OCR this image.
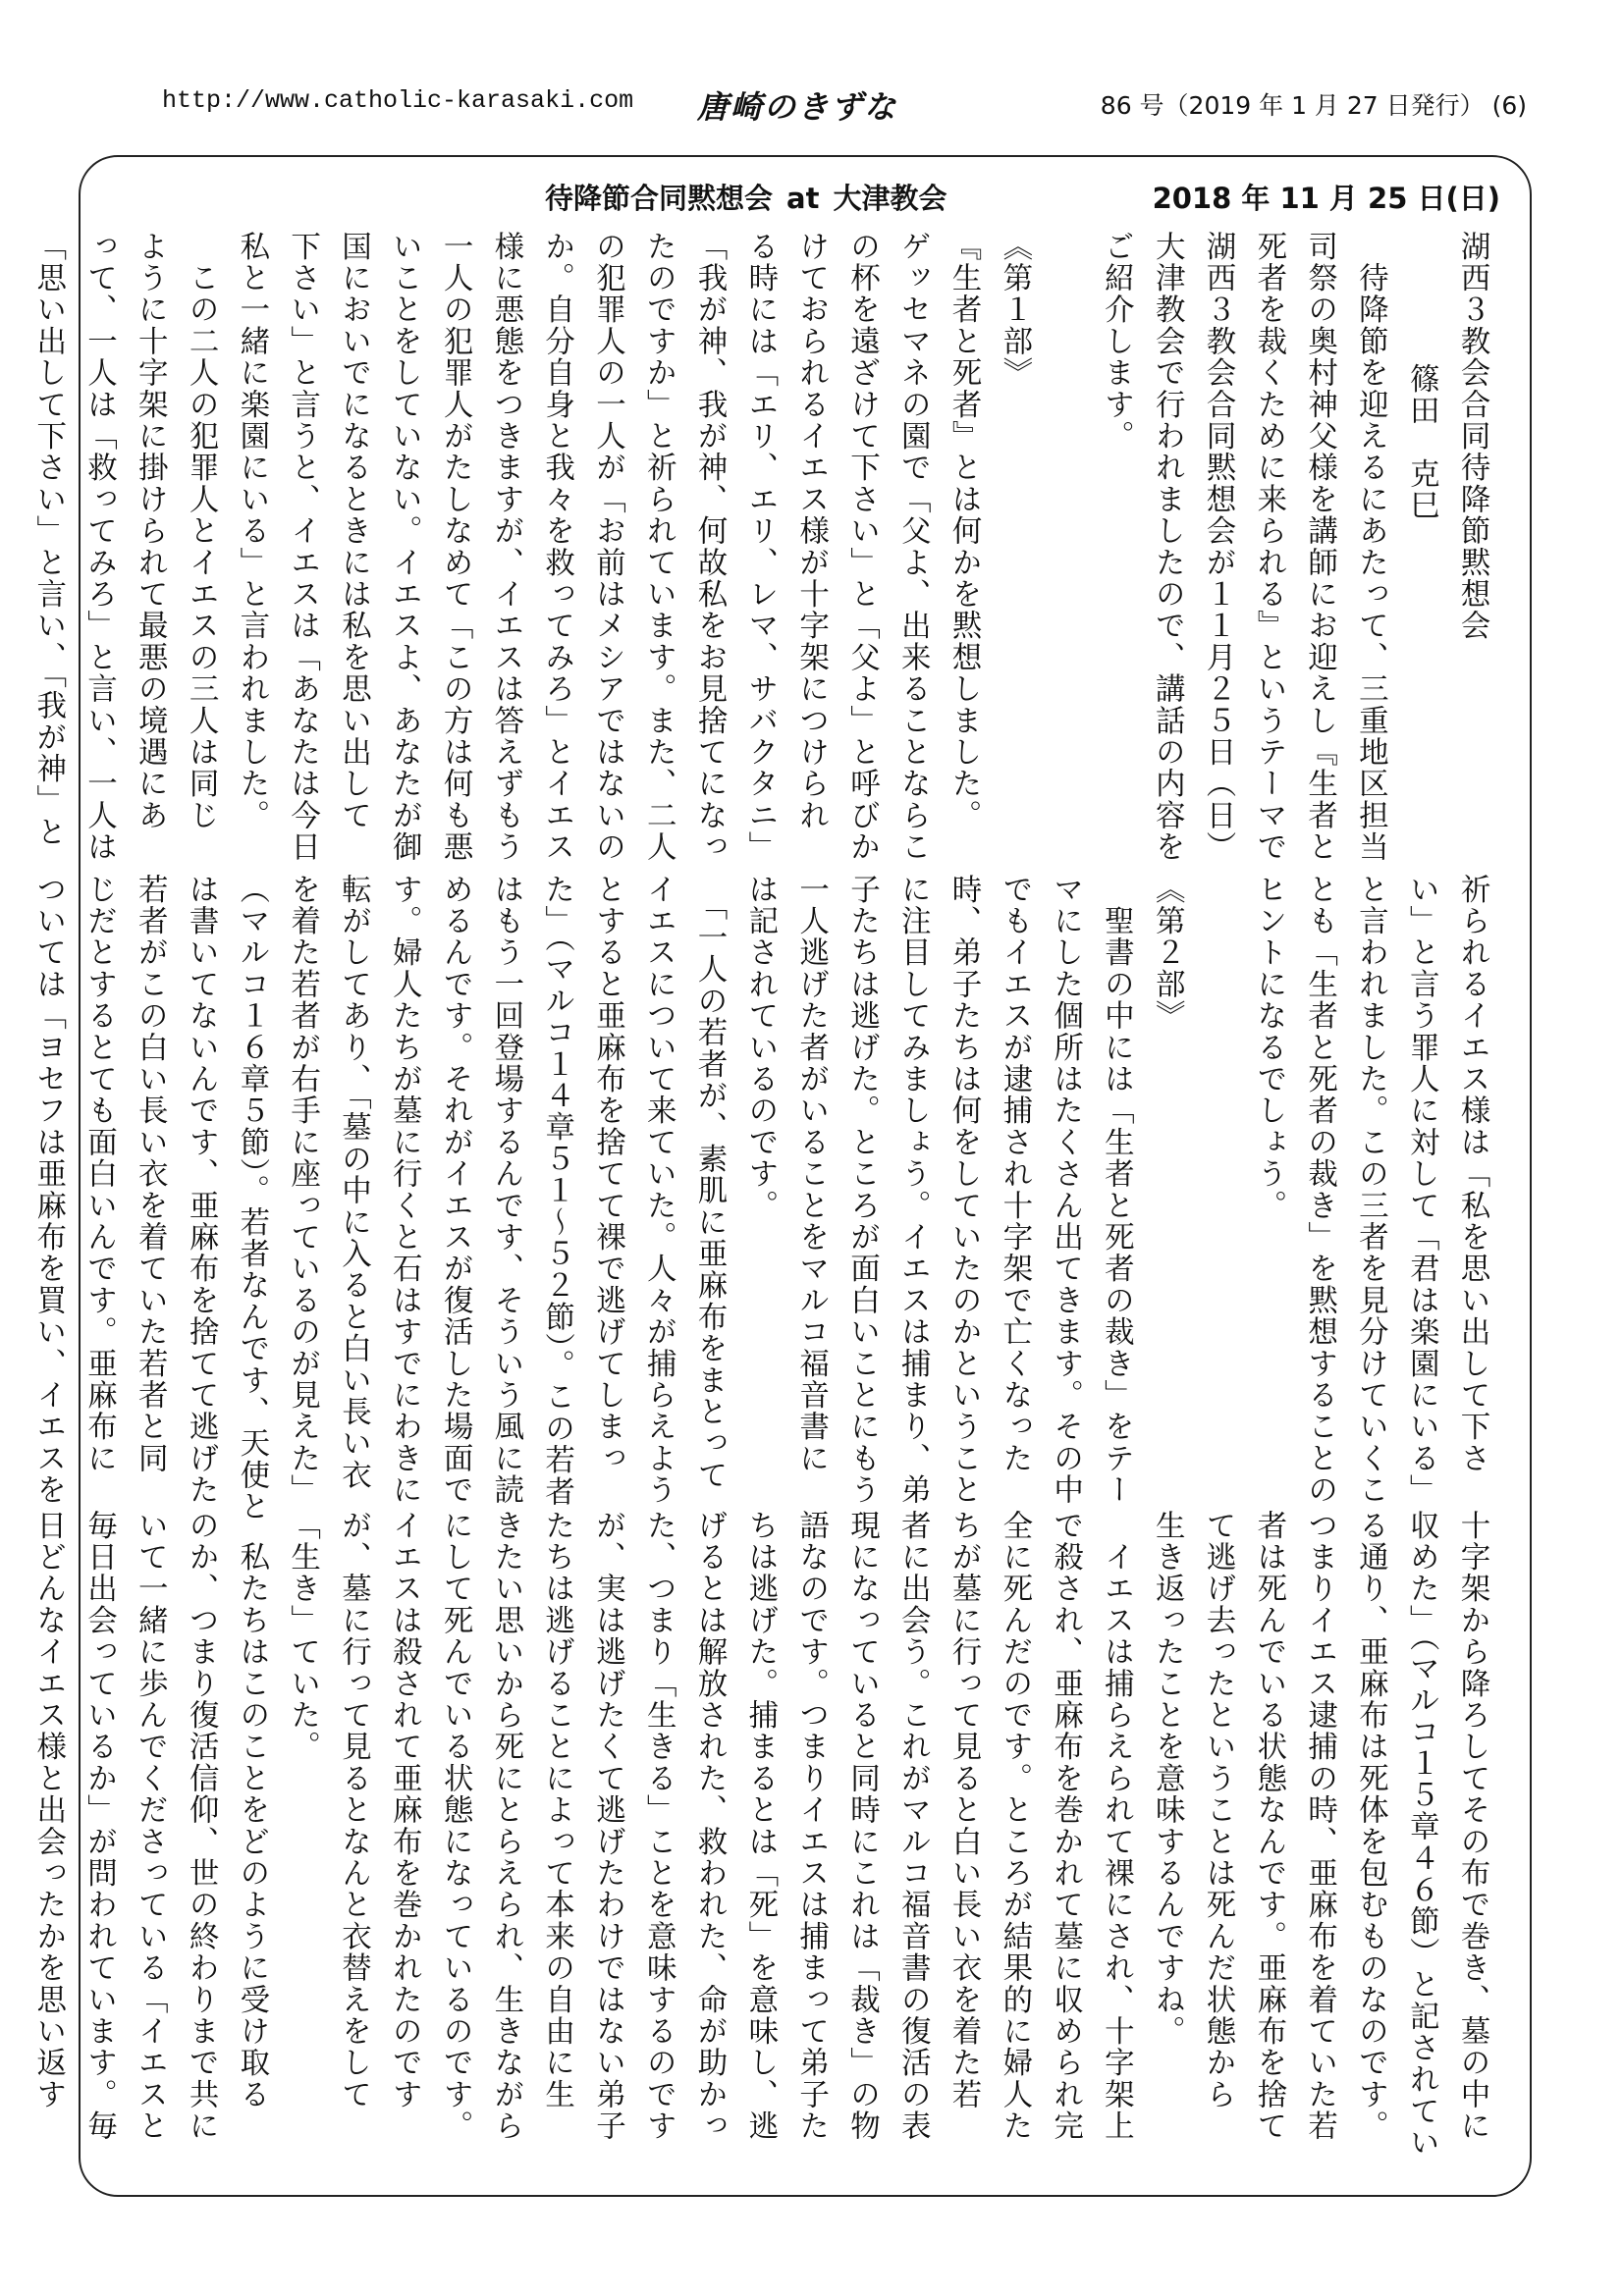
http://www.catholic-karasaki.com 唐崎のきずな	86 号（2019 年 1 月 27 日発行） (6)
待降節合同黙想会 at 大津教会	2018 年 11 月 25 日(日)

湖西３教会合同待降節黙想会

篠田　克巳

　待降節を迎えるにあたって、三重地区担当

司祭の奥村神父様を講師にお迎えし『生者と

死者を裁くために来られる』というテーマで

湖西３教会合同黙想会が１１月２５日（日）

大津教会で行われましたので、講話の内容を

ご紹介します。

《第１部》

『生者と死者』とは何かを黙想しました。

ゲッセマネの園で「父よ、出来ることならこ

の杯を遠ざけて下さい」と「父よ」と呼びか

けておられるイエス様が十字架につけられ

る時には「エリ、エリ、レマ、サバクタニ」

「我が神、我が神、何故私をお見捨てになっ

たのですか」と祈られています。また、二人

の犯罪人の一人が「お前はメシアではないの

か。自分自身と我々を救ってみろ」とイエス

様に悪態をつきますが、イエスは答えずもう

一人の犯罪人がたしなめて「この方は何も悪

いことをしていない。イエスよ、あなたが御

国においでになるときには私を思い出して

下さい」と言うと、イエスは「あなたは今日

私と一緒に楽園にいる」と言われました。

　この二人の犯罪人とイエスの三人は同じ

ように十字架に掛けられて最悪の境遇にあ

って、一人は「救ってみろ」と言い、一人は

「思い出して下さい」と言い、「我が神」と

祈られるイエス様は「私を思い出して下さ

い」と言う罪人に対して「君は楽園にいる」

と言われました。この三者を見分けていくこ

とも「生者と死者の裁き」を黙想することの

ヒントになるでしょう。

《第２部》

　聖書の中には「生者と死者の裁き」をテー

マにした個所はたくさん出てきます。その中

でもイエスが逮捕され十字架で亡くなった

時、弟子たちは何をしていたのかということ

に注目してみましょう。イエスは捕まり、弟

子たちは逃げた。ところが面白いことにもう

一人逃げた者がいることをマルコ福音書に

は記されているのです。

　「一人の若者が、素肌に亜麻布をまとって

イエスについて来ていた。人々が捕らえよう

とすると亜麻布を捨てて裸で逃げてしまっ

た」（マルコ１４章５１～５２節）。この若者

はもう一回登場するんです、そういう風に読

めるんです。それがイエスが復活した場面で

す。婦人たちが墓に行くと石はすでにわきに

転がしてあり、「墓の中に入ると白い長い衣

を着た若者が右手に座っているのが見えた」

（マルコ１６章５節）。若者なんです、天使と

は書いてないんです、亜麻布を捨てて逃げた

若者がこの白い長い衣を着ていた若者と同

じだとするとても面白いんです。亜麻布に

ついては「ヨセフは亜麻布を買い、イエスを

十字架から降ろしてその布で巻き、墓の中に

収めた」（マルコ１５章４６節）と記されてい

る通り、亜麻布は死体を包むものなのです。

つまりイエス逮捕の時、亜麻布を着ていた若

者は死んでいる状態なんです。亜麻布を捨て

て逃げ去ったということは死んだ状態から

生き返ったことを意味するんですね。

　イエスは捕らえられて裸にされ、十字架上

で殺され、亜麻布を巻かれて墓に収められ完

全に死んだのです。ところが結果的に婦人た

ちが墓に行って見ると白い長い衣を着た若

者に出会う。これがマルコ福音書の復活の表

現になっていると同時にこれは「裁き」の物

語なのです。つまりイエスは捕まって弟子た

ちは逃げた。捕まるとは「死」を意味し、逃

げるとは解放された、救われた、命が助かっ

た、つまり「生きる」ことを意味するのです

が、実は逃げたくて逃げたわけではない弟子

たちは逃げることによって本来の自由に生

きたい思いから死にとらえられ、生きながら

にして死んでいる状態になっているのです。

イエスは殺されて亜麻布を巻かれたのです

が、墓に行って見るとなんと衣替えをして

「生き」ていた。

　私たちはこのことをどのように受け取る

のか、つまり復活信仰、世の終わりまで共に

いて一緒に歩んでくださっている「イエスと

毎日出会っているか」が問われています。毎

日どんなイエス様と出会ったかを思い返す
